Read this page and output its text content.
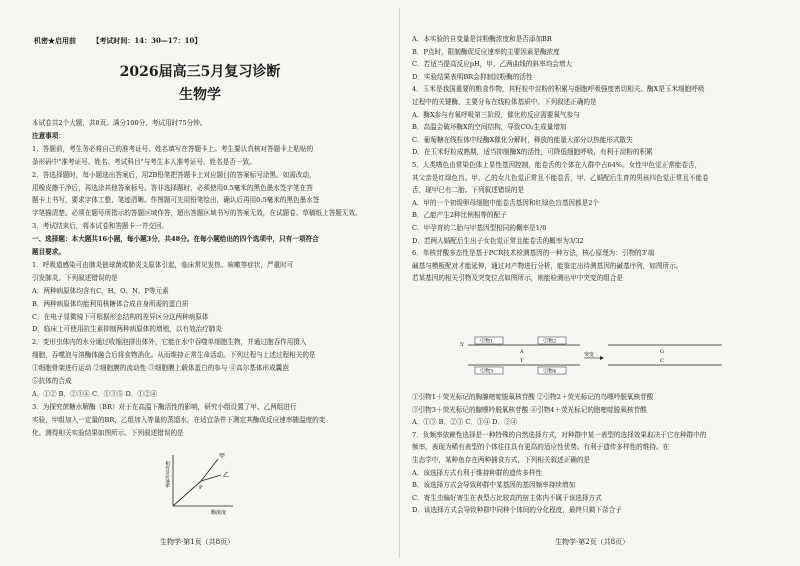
机密★启用前 【考试时间：14：30—17：10】
2026届高三5月复习诊断
生物学
甲
乙
P
相对反应速率
酶浓度
生物学·第1页（共8页）
本试卷共2个大题，共8页。满分100分，考试用时75分钟。
注意事项：
1．答题前，考生务必将自己的准考证号、姓名填写在答题卡上。考生要认真核对答题卡上粘贴的
条形码中"准考证号、姓名、考试科目"与考生本人准考证号、姓名是否一致。
2．答选择题时，每小题选出答案后，用2B铅笔把答题卡上对应题目的答案标号涂黑。如需改动，
用橡皮擦干净后，再选涂其他答案标号。答非选择题时，必须使用0.5毫米的黑色墨水签字笔在答
题卡上书写，要求字体工整、笔迹清晰。作图题可先用铅笔绘出，确认后再用0.5毫米的黑色墨水签
字笔描清楚。必须在题号所指示的答题区域作答，超出答题区域书写的答案无效，在试题卷、草稿纸上答题无效。
3．考试结束后，将本试卷和答题卡一并交回。
一、选择题：本大题共16小题，每小题3分，共48分。在每小题给出的四个选项中，只有一项符合
题目要求。
1．呼吸道感染可由肺炎链球菌或肺炎支原体引起，临床常见发热、咳嗽等症状，严重时可
引发肺炎。下列叙述错误的是
A．两种病原体均含有C、H、O、N、P等元素
B．两种病原体均能利用核糖体合成自身所需的蛋白质
C．在电子显微镜下可根据形态结构的差异区分这两种病原体
D．临床上可使用抗生素抑制两种病原体的增殖，以有效治疗肺炎
2．变形虫体内的水分通过收缩泡排出体外，它能在水中吞噬单细胞生物，并通过胞吞作用摄入
细胞，吞噬泡与溶酶体融合后将食物消化。从而维持正常生命活动。下列过程与上述过程相关的是
①细胞骨架进行运动 ②细胞膜的流动性 ③细胞膜上载体蛋白的参与 ④高尔基体形成囊泡
⑤抗体的合成
A．①② B．②③④ C．①③⑤ D．①②④
3．为探究蔗糖水解酶（BR）对于在高温下酶活性的影响，研究小组设置了甲、乙两组进行
实验，甲组加入一定量的BR，乙组加入等量的蒸馏水，在适宜条件下测定其酶促反应速率随温度的变
化。测得相关实验结果如图所示。下列叙述错误的是
5'
引物1	引物2
A
T
引物3	引物4
突变	G
C
生物学·第2页（共8页）
A．本实验的自变量是淀粉酶浓度和是否添加BR
B．P点时，限制酶促反应速率的主要因素是酶浓度
C．若适当提高反应pH，甲、乙两曲线的斜率均会增大
D．实验结果表明BR会抑制淀粉酶的活性
4．玉米是我国重要的粮食作物，其籽粒中淀粉的积累与细胞呼吸强度密切相关。酶X是玉米细胞呼吸
过程中的关键酶，主要分布在线粒体基质中。下列叙述正确的是
A．酶X参与有氧呼吸第三阶段，催化的反应需要氧气参与
B．高温会破坏酶X的空间结构，导致CO₂生成量增加
C．葡萄糖在线粒体中经酶X催化分解时，释放的能量大部分以热能形式散失
D．在玉米籽粒成熟期，适当抑制酶X的活性，可降低细胞呼吸，有利于淀粉的积累
5．人类嗜色由常染色体上显性基因控制，能卷舌的个体在人群中占64%。女性甲色觉正常能卷舌，
其父亲是红绿色盲。甲、乙的女儿色觉正常且不能卷舌，甲、乙婚配后生育的男孩四色觉正常且不能卷
舌，现甲已有二胎。下列叙述错误的是
A．甲的一个初级卵母细胞中能卷舌基因和红绿色盲基因都是2个
B．乙能产生2种比例相等的配子
C．甲孕育的二胎与甲基因型相同的概率是1/8
D．若两人婚配后生出子女色觉正常且能卷舌的概率为3/32
6．单核苷酸多态性是基于PCR技术检测基因的一种方法，核心原理为：引物的3'端
碱基与模板配对才能延伸，通过对产物进行分析，能鉴定出待测基因的碱基序列，如图所示。
若某基因的相关引物及突变位点如图所示，则能检测出甲中突变的组合是
①引物1＋荧光标记的胸腺嘧啶脱氧核苷酸 ②引物2＋荧光标记的鸟嘌呤脱氧核苷酸
③引物3＋荧光标记的腺嘌呤脱氧核苷酸 ④引物4＋荧光标记的胞嘧啶脱氧核苷酸
A．①③ B．②③ C．①④ D．②④
7．负频率依赖性选择是一种特殊的自然选择方式，对种群中某一表型的选择效果取决于它在种群中的
频率，表现为稀有表型的个体往往具有更高的适应性优势。有利于遗传多样性的维持。在
生态学中，某种鱼存在两种捕食方式，下列相关叙述正确的是
A．该选择方式有利于维持种群的遗传多样性
B．该选择方式会导致种群中某基因的基因频率持续增加
C．寄生虫偏好寄生在表型占比较高的宿主体内不属于该选择方式
D．该选择方式会导致种群中同种个体间的分化程度，最终只剩下杂合子
